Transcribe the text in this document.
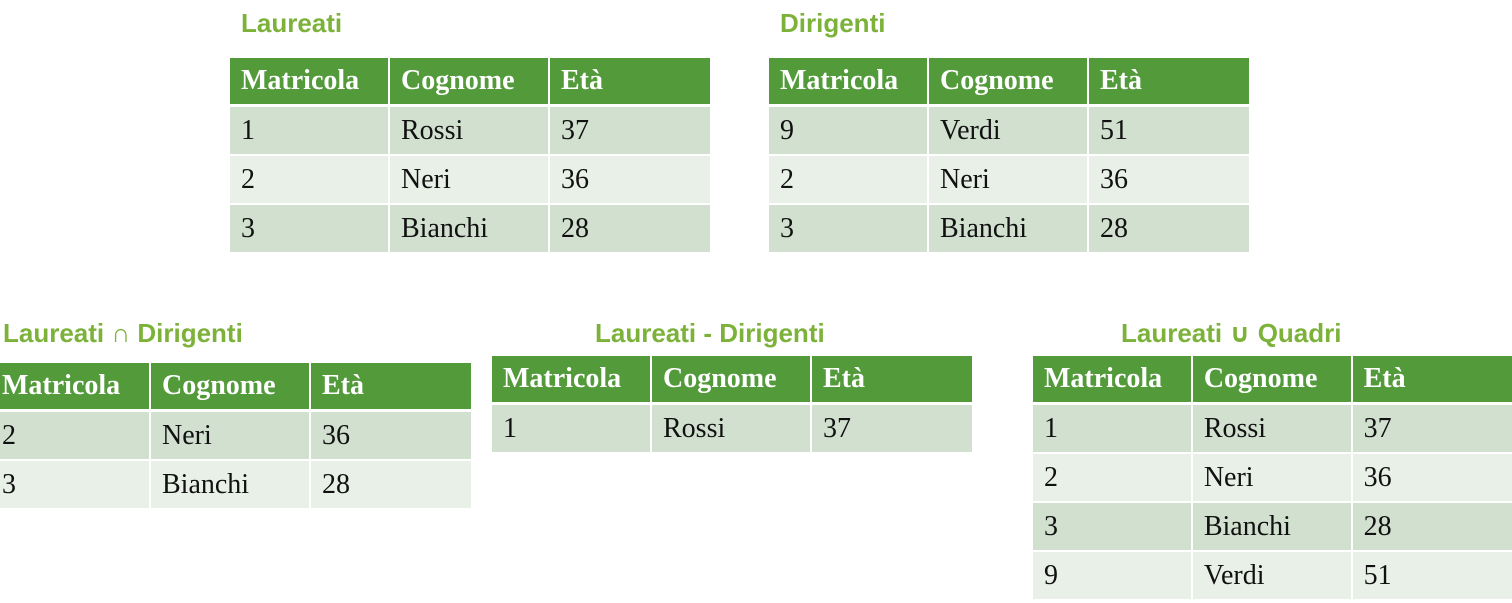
Laureati
Matricola	Cognome	Età
1	Rossi	37
2	Neri	36
3	Bianchi	28
Dirigenti
Matricola	Cognome	Età
9	Verdi	51
2	Neri	36
3	Bianchi	28
Laureati ∩ Dirigenti
Matricola	Cognome	Età
2	Neri	36
3	Bianchi	28
Laureati - Dirigenti
Matricola	Cognome	Età
1	Rossi	37
Laureati ∪ Quadri
Matricola	Cognome	Età
1	Rossi	37
2	Neri	36
3	Bianchi	28
9	Verdi	51
